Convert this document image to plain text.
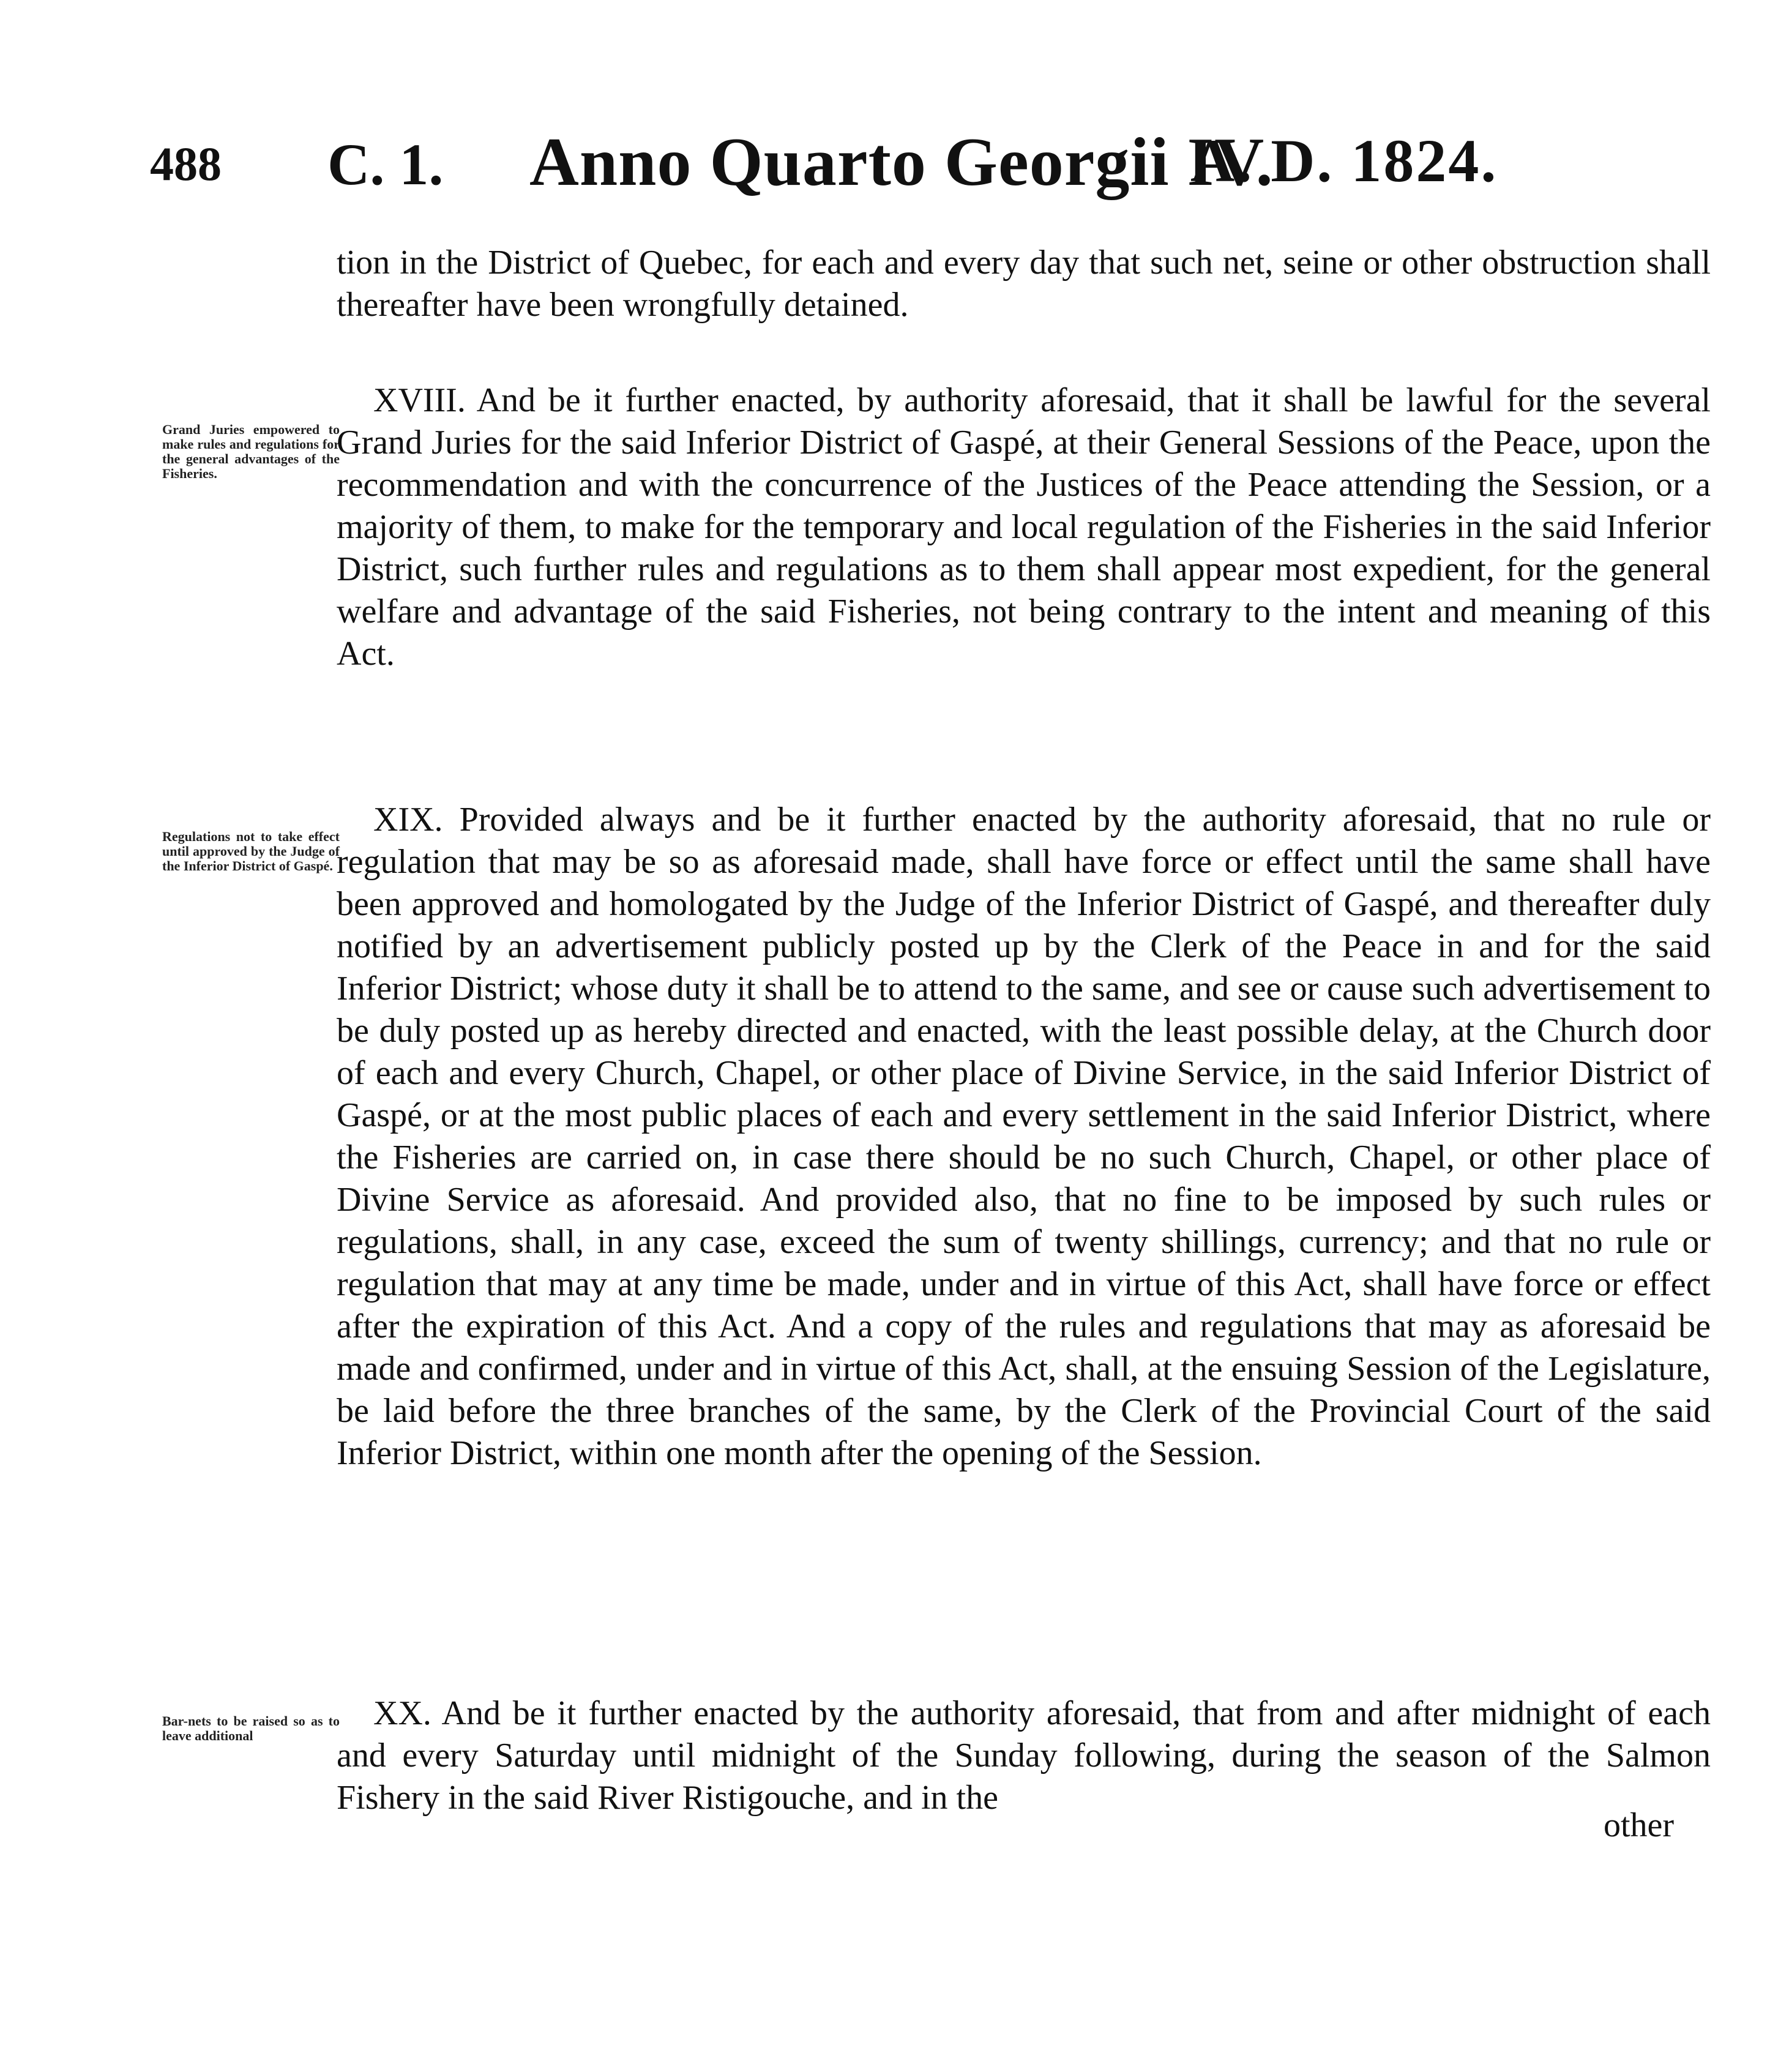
488 C. 1. Anno Quarto Georgii IV.
A. D. 1824.

tion in the District of Quebec, for each and every day that such net, seine or other obstruction shall thereafter have been wrongfully detained.

Grand Juries empowered to make rules and regulations for the general advantages of the Fisheries.

XVIII. And be it further enacted, by authority aforesaid, that it shall be lawful for the several Grand Juries for the said Inferior District of Gaspé, at their General Sessions of the Peace, upon the recommendation and with the concurrence of the Justices of the Peace attending the Session, or a majority of them, to make for the temporary and local regulation of the Fisheries in the said Inferior District, such further rules and regulations as to them shall appear most expedient, for the general welfare and advantage of the said Fisheries, not being contrary to the intent and meaning of this Act.

Regulations not to take effect until approved by the Judge of the Inferior District of Gaspé.

XIX. Provided always and be it further enacted by the authority aforesaid, that no rule or regulation that may be so as aforesaid made, shall have force or effect until the same shall have been approved and homologated by the Judge of the Inferior District of Gaspé, and thereafter duly notified by an advertisement publicly posted up by the Clerk of the Peace in and for the said Inferior District; whose duty it shall be to attend to the same, and see or cause such advertisement to be duly posted up as hereby directed and enacted, with the least possible delay, at the Church door of each and every Church, Chapel, or other place of Divine Service, in the said Inferior District of Gaspé, or at the most public places of each and every settlement in the said Inferior District, where the Fisheries are carried on, in case there should be no such Church, Chapel, or other place of Divine Service as aforesaid. And provided also, that no fine to be imposed by such rules or regulations, shall, in any case, exceed the sum of twenty shillings, currency; and that no rule or regulation that may at any time be made, under and in virtue of this Act, shall have force or effect after the expiration of this Act. And a copy of the rules and regulations that may as aforesaid be made and confirmed, under and in virtue of this Act, shall, at the ensuing Session of the Legislature, be laid before the three branches of the same, by the Clerk of the Provincial Court of the said Inferior District, within one month after the opening of the Session.

Bar-nets to be raised so as to leave additional

XX. And be it further enacted by the authority aforesaid, that from and after midnight of each and every Saturday until midnight of the Sunday following, during the season of the Salmon Fishery in the said River Ristigouche, and in the

other
